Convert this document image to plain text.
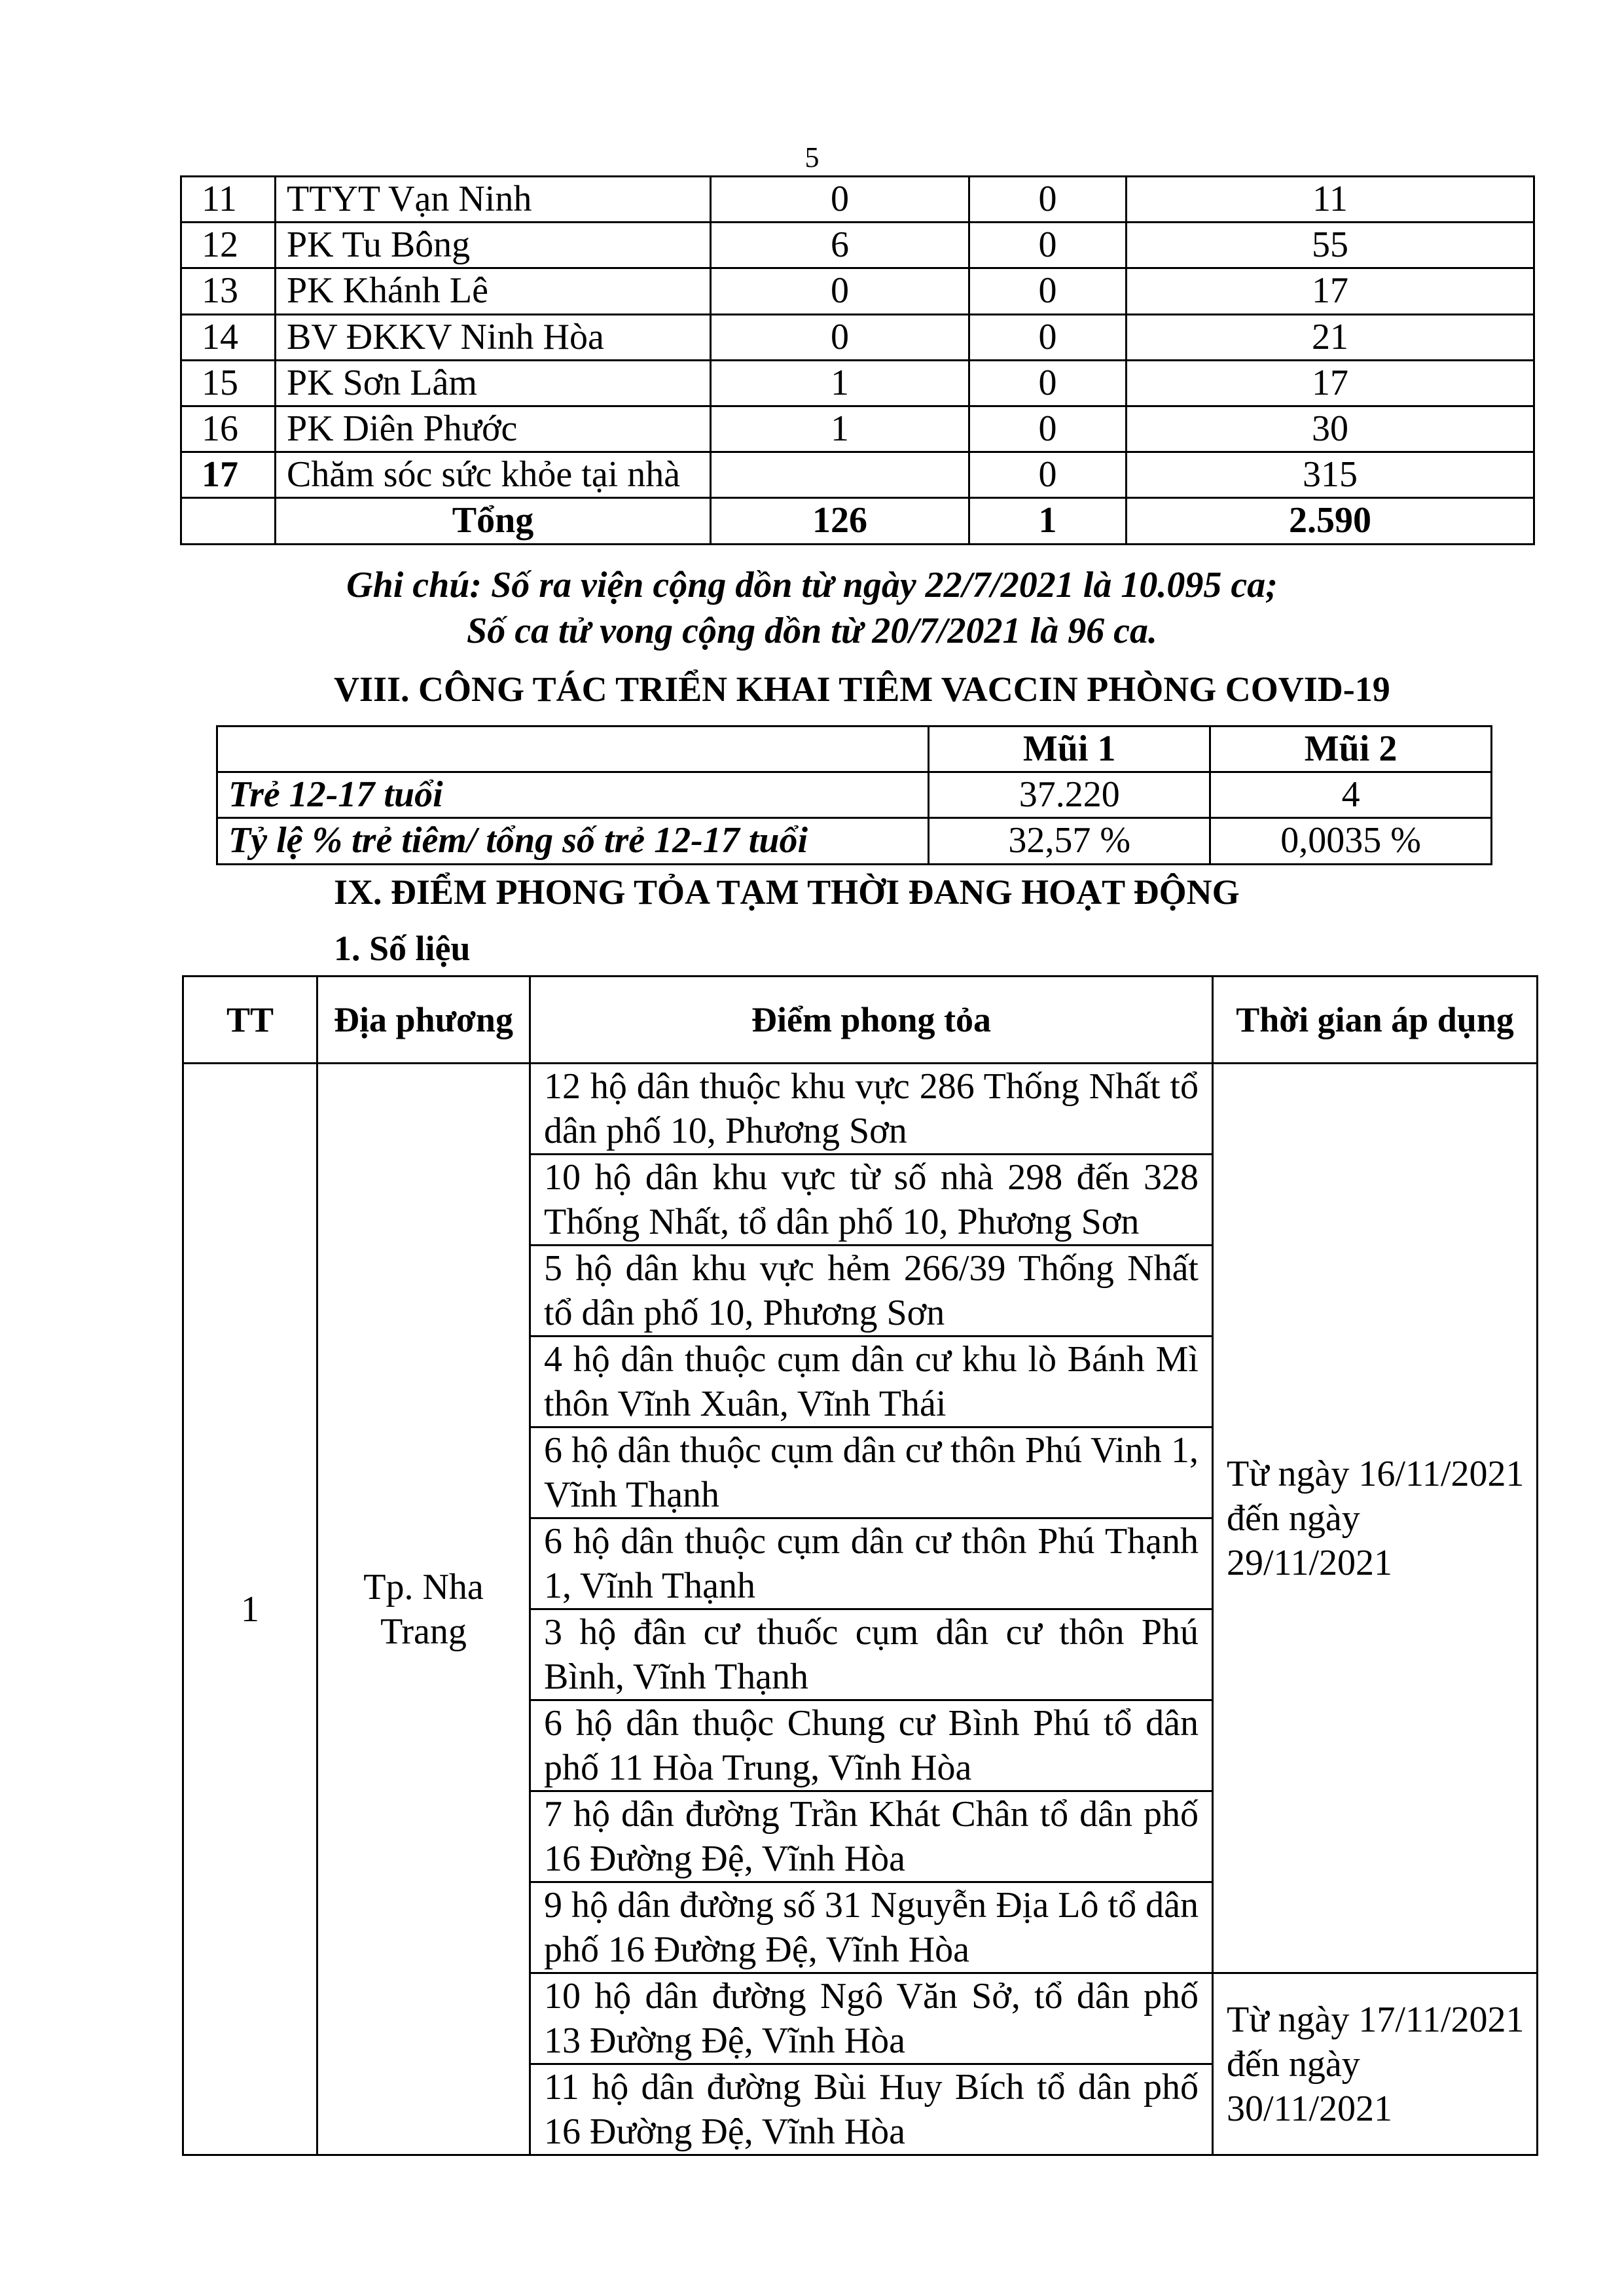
5
11	TTYT Vạn Ninh	0	0	11
12	PK Tu Bông	6	0	55
13	PK Khánh Lê	0	0	17
14	BV ĐKKV Ninh Hòa	0	0	21
15	PK Sơn Lâm	1	0	17
16	PK Diên Phước	1	0	30
17	Chăm sóc sức khỏe tại nhà		0	315
	Tổng	126	1	2.590
Ghi chú: Số ra viện cộng dồn từ ngày 22/7/2021 là 10.095 ca;
Số ca tử vong cộng dồn từ 20/7/2021 là 96 ca.
VIII. CÔNG TÁC TRIỂN KHAI TIÊM VACCIN PHÒNG COVID-19
	Mũi 1	Mũi 2
Trẻ 12-17 tuổi	37.220	4
Tỷ lệ % trẻ tiêm/ tổng số trẻ 12-17 tuổi	32,57 %	0,0035 %
IX. ĐIỂM PHONG TỎA TẠM THỜI ĐANG HOẠT ĐỘNG
1. Số liệu
TT	Địa phương	Điểm phong tỏa	Thời gian áp dụng
1	Tp. Nha Trang	12 hộ dân thuộc khu vực 286 Thống Nhất tổ dân phố 10, Phương Sơn	Từ ngày 16/11/2021 đến ngày 29/11/2021
		10 hộ dân khu vực từ số nhà 298 đến 328 Thống Nhất, tổ dân phố 10, Phương Sơn	
		5 hộ dân khu vực hẻm 266/39 Thống Nhất tổ dân phố 10, Phương Sơn	
		4 hộ dân thuộc cụm dân cư khu lò Bánh Mì thôn Vĩnh Xuân, Vĩnh Thái	
		6 hộ dân thuộc cụm dân cư thôn Phú Vinh 1, Vĩnh Thạnh	
		6 hộ dân thuộc cụm dân cư thôn Phú Thạnh 1, Vĩnh Thạnh	
		3 hộ đân cư thuốc cụm dân cư thôn Phú Bình, Vĩnh Thạnh	
		6 hộ dân thuộc Chung cư Bình Phú tổ dân phố 11 Hòa Trung, Vĩnh Hòa	
		7 hộ dân đường Trần Khát Chân tổ dân phố 16 Đường Đệ, Vĩnh Hòa	
		9 hộ dân đường số 31 Nguyễn Địa Lô tổ dân phố 16 Đường Đệ, Vĩnh Hòa	
		10 hộ dân đường Ngô Văn Sở, tổ dân phố 13 Đường Đệ, Vĩnh Hòa	Từ ngày 17/11/2021 đến ngày 30/11/2021
		11 hộ dân đường Bùi Huy Bích tổ dân phố 16 Đường Đệ, Vĩnh Hòa	
